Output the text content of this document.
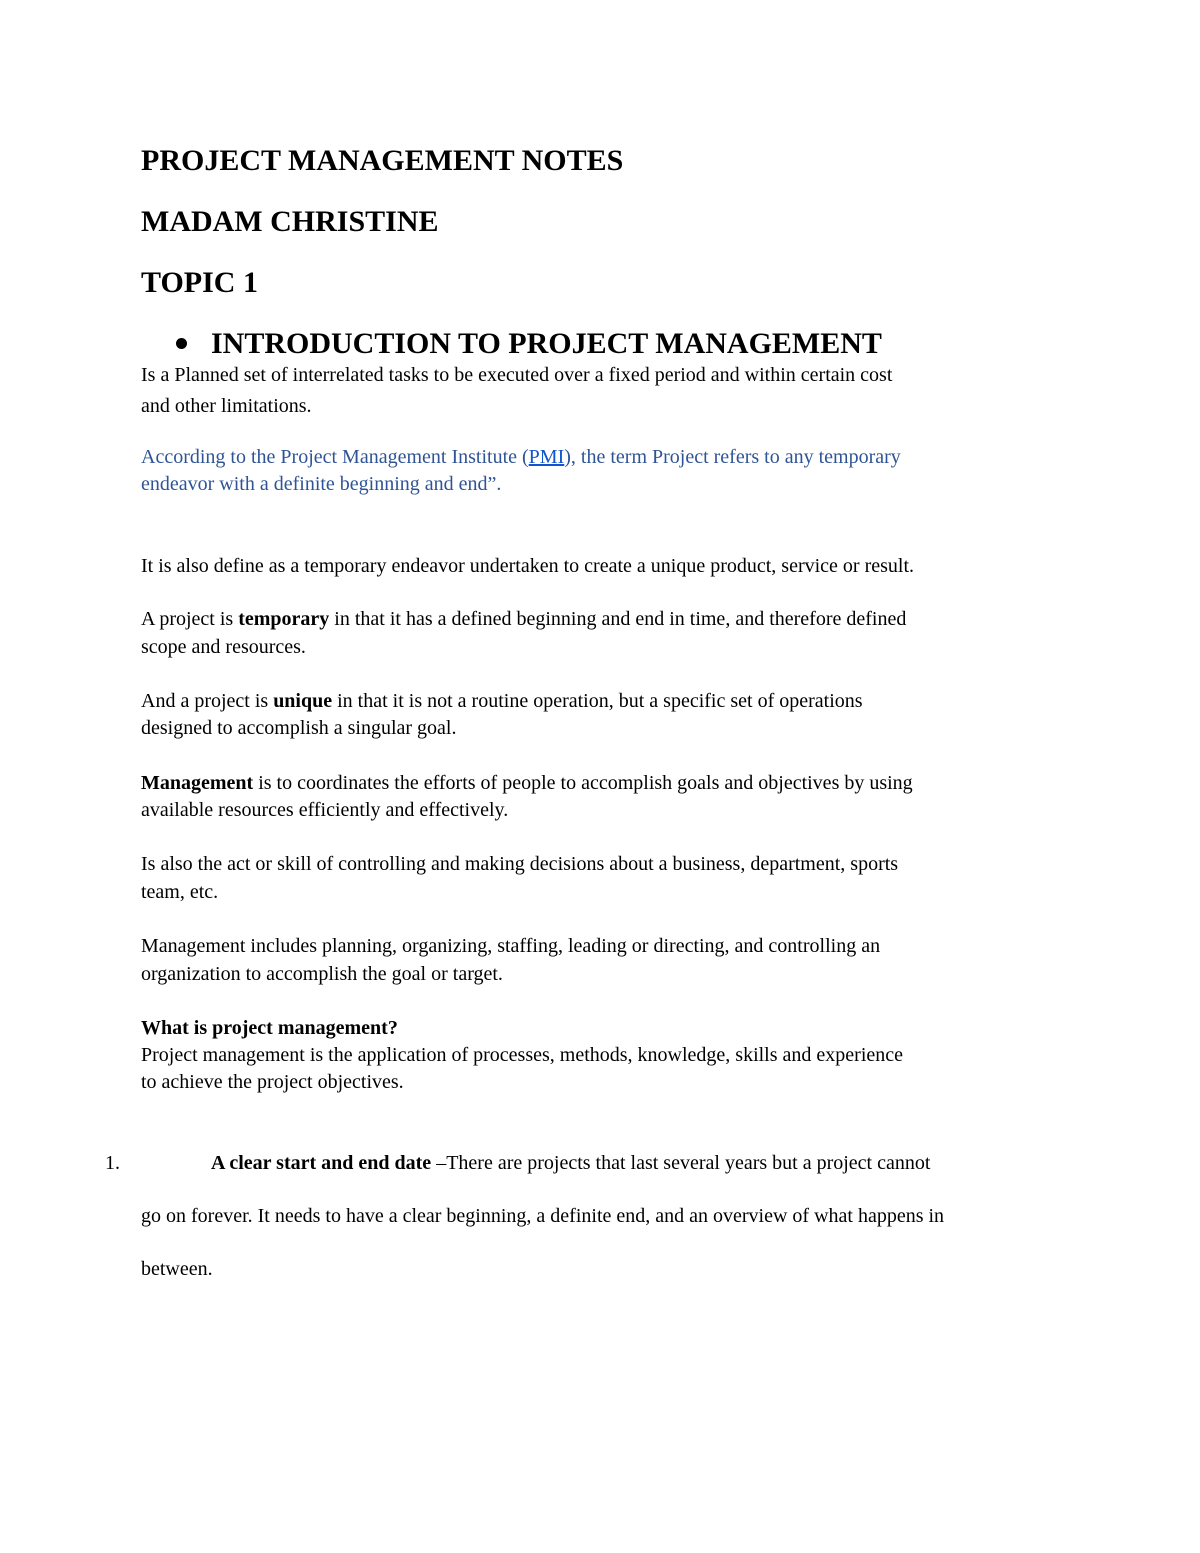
PROJECT MANAGEMENT NOTES
MADAM CHRISTINE
TOPIC 1
INTRODUCTION TO PROJECT MANAGEMENT
Is a Planned set of interrelated tasks to be executed over a fixed period and within certain cost
and other limitations.
According to the Project Management Institute (PMI), the term Project refers to any temporary
endeavor with a definite beginning and end”.
It is also define as a temporary endeavor undertaken to create a unique product, service or result.
A project is temporary in that it has a defined beginning and end in time, and therefore defined
scope and resources.
And a project is unique in that it is not a routine operation, but a specific set of operations
designed to accomplish a singular goal.
Management is to coordinates the efforts of people to accomplish goals and objectives by using
available resources efficiently and effectively.
Is also the act or skill of controlling and making decisions about a business, department, sports
team, etc.
Management includes planning, organizing, staffing, leading or directing, and controlling an
organization to accomplish the goal or target.
What is project management?
Project management is the application of processes, methods, knowledge, skills and experience
to achieve the project objectives.
1.	A clear start and end date –There are projects that last several years but a project cannot
go on forever. It needs to have a clear beginning, a definite end, and an overview of what happens in
between.
